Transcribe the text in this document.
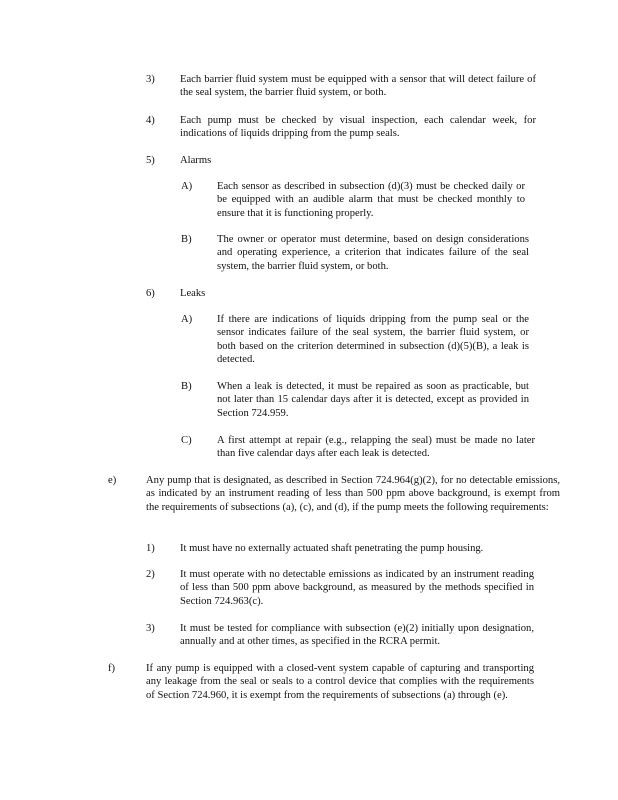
3) Each barrier fluid system must be equipped with a sensor that will detect failure of the seal system, the barrier fluid system, or both.
4) Each pump must be checked by visual inspection, each calendar week, for indications of liquids dripping from the pump seals.
5) Alarms
A) Each sensor as described in subsection (d)(3) must be checked daily or be equipped with an audible alarm that must be checked monthly to ensure that it is functioning properly.
B) The owner or operator must determine, based on design considerations and operating experience, a criterion that indicates failure of the seal system, the barrier fluid system, or both.
6) Leaks
A) If there are indications of liquids dripping from the pump seal or the sensor indicates failure of the seal system, the barrier fluid system, or both based on the criterion determined in subsection (d)(5)(B), a leak is detected.
B) When a leak is detected, it must be repaired as soon as practicable, but not later than 15 calendar days after it is detected, except as provided in Section 724.959.
C) A first attempt at repair (e.g., relapping the seal) must be made no later than five calendar days after each leak is detected.
e)	Any pump that is designated, as described in Section 724.964(g)(2), for no detectable emissions, as indicated by an instrument reading of less than 500 ppm above background, is exempt from the requirements of subsections (a), (c), and (d), if the pump meets the following requirements:
1) It must have no externally actuated shaft penetrating the pump housing.
2) It must operate with no detectable emissions as indicated by an instrument reading of less than 500 ppm above background, as measured by the methods specified in Section 724.963(c).
3) It must be tested for compliance with subsection (e)(2) initially upon designation, annually and at other times, as specified in the RCRA permit.
f)	If any pump is equipped with a closed-vent system capable of capturing and transporting any leakage from the seal or seals to a control device that complies with the requirements of Section 724.960, it is exempt from the requirements of subsections (a) through (e).
